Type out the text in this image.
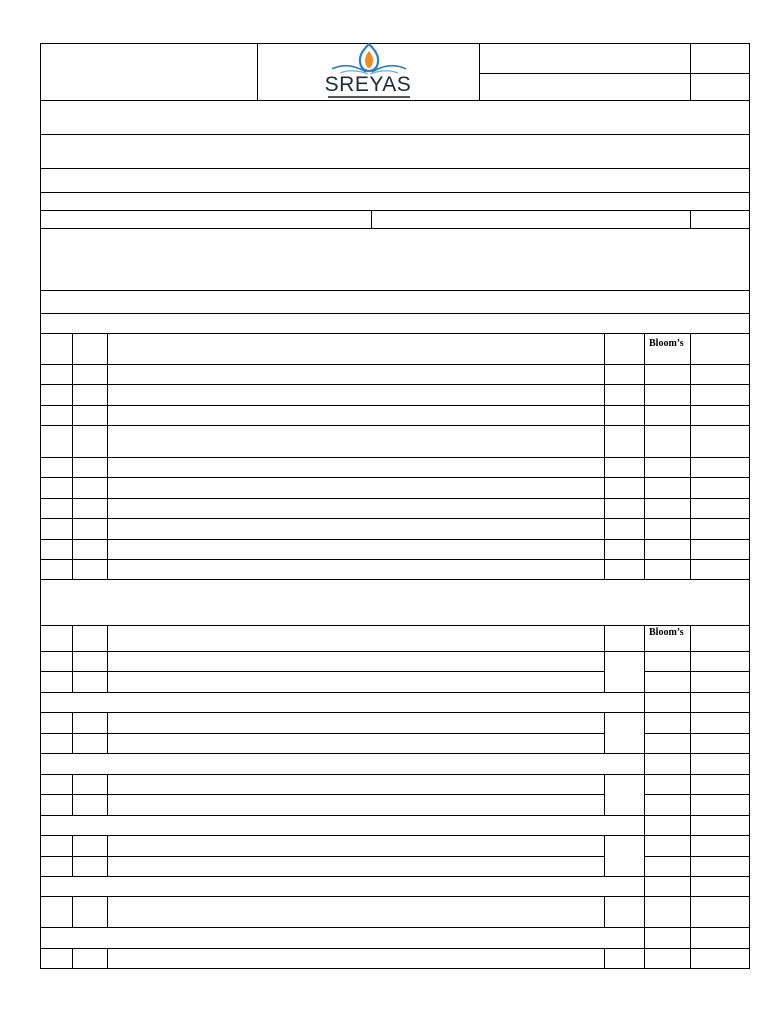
SREYAS
Bloom’s
Bloom’s
